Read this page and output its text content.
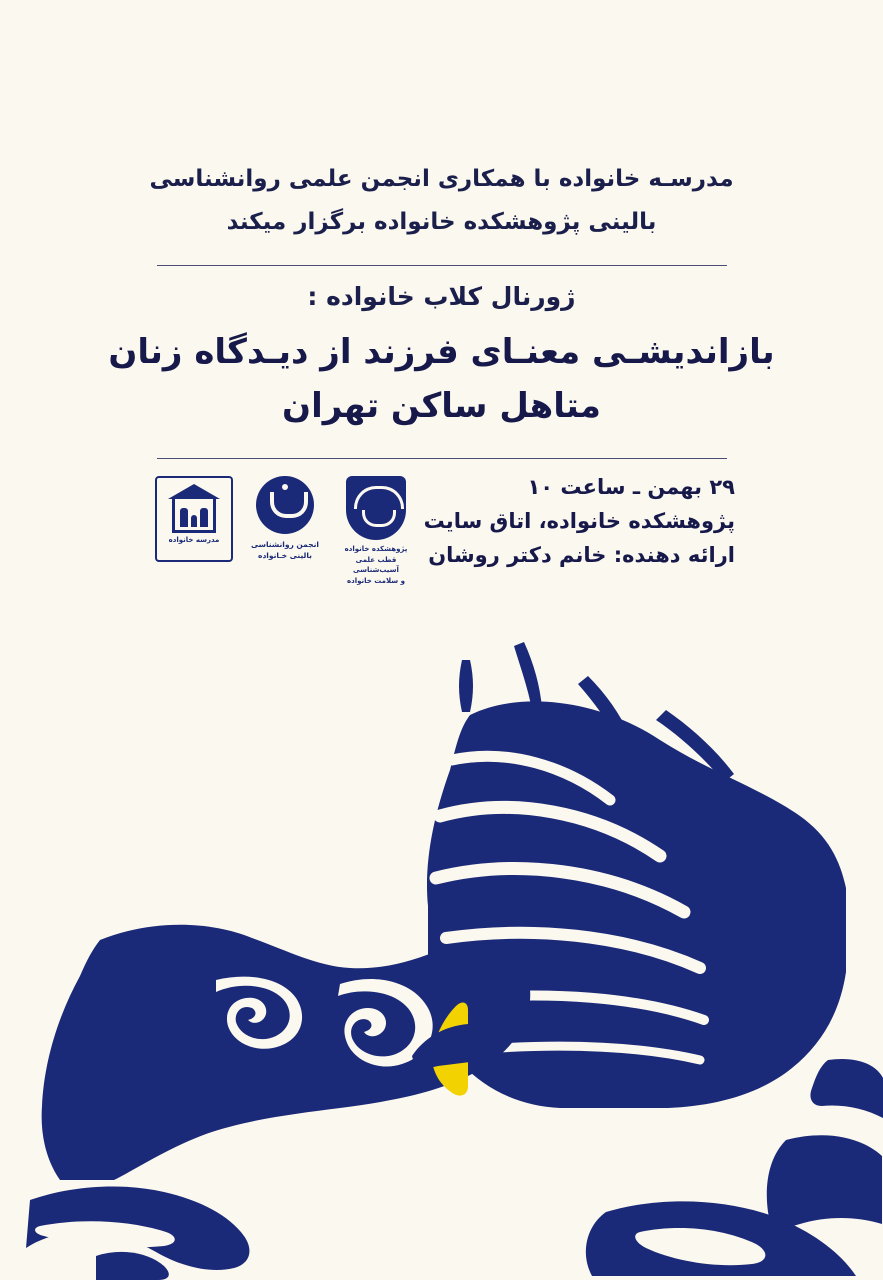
مدرسـه خانواده با همکاری انجمن علمی روانشناسی
بالینی پژوهشکده خانواده برگزار میکند

ژورنال کلاب خانواده :

بازاندیشـی معنـای فرزند از دیـدگاه زنان
متاهل ساکن تهران
۲۹ بهمن ـ ساعت ۱۰
پژوهشکده خانواده، اتاق سایت
ارائه دهنده: خانم دکتر روشان
پژوهشکده خانواده
قطب علمی آسیب‌شناسی
و سلامت خانواده
انجمن روانشناسی
بالینی خـانواده
مدرسه خانواده
